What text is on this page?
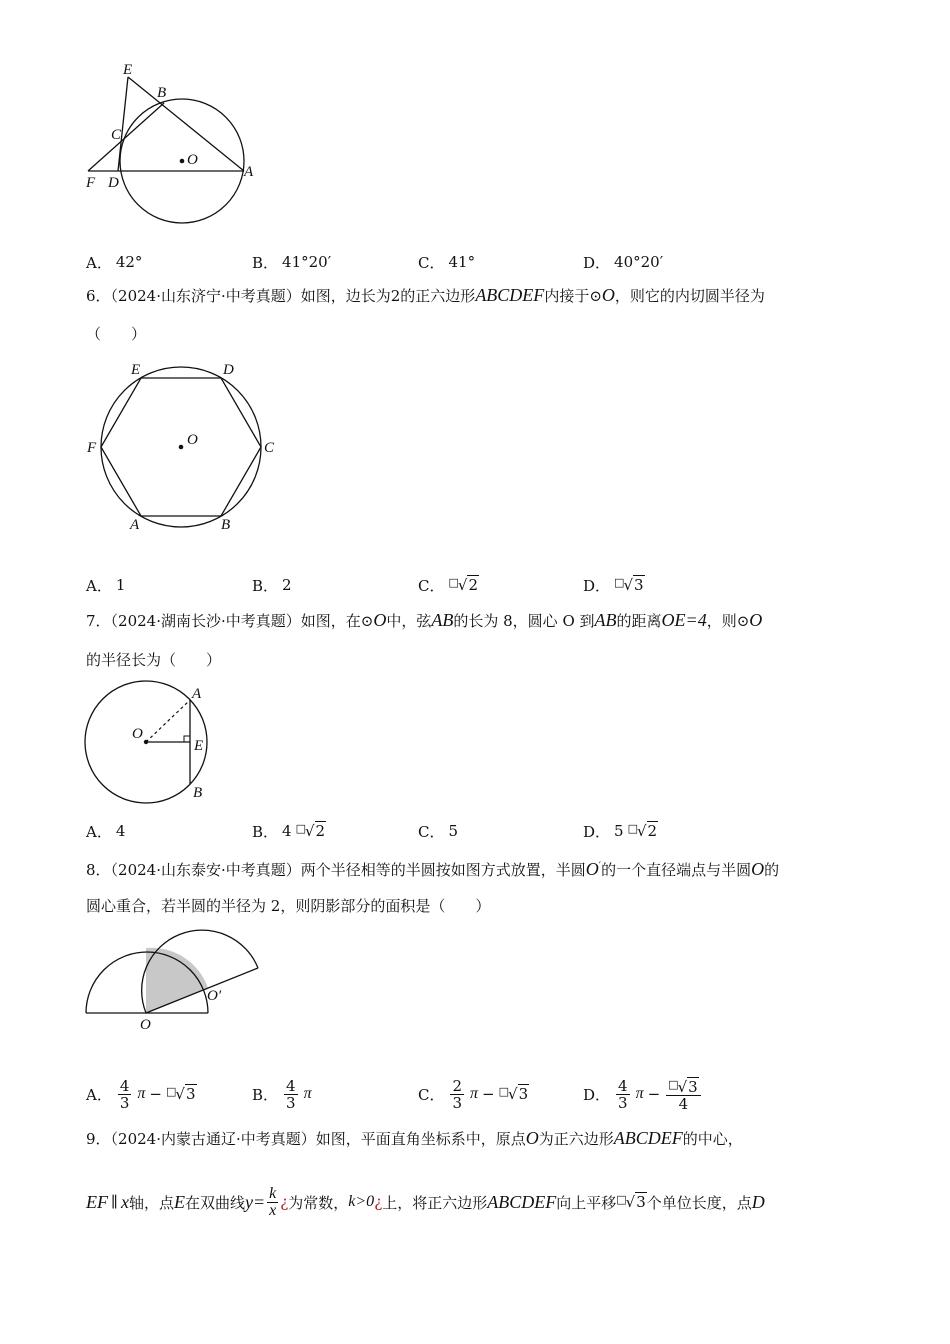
E
B
C
O
F D
A
A． 42°	B． 41°20′	C． 41°	D． 40°20′
6．（2024·山东济宁·中考真题）如图，边长为2的正六边形ABCDEF内接于⊙O，则它的内切圆半径为
（　　）
E	D
F	O	C
A	B
A． 1	B． 2	C． □√2	D． □√3
7．（2024·湖南长沙·中考真题）如图，在⊙O中，弦AB的长为 8，圆心 O 到AB的距离OE=4，则⊙O
的半径长为（　　）
A
O
E
B
A． 4	B． 4 □√2	C． 5	D． 5 □√2
8．（2024·山东泰安·中考真题）两个半径相等的半圆按如图方式放置，半圆O′的一个直径端点与半圆O的
圆心重合，若半圆的半径为 2，则阴影部分的面积是（　　）
O
O′
A． $\frac{4}{3}$ π − □√3	B． $\frac{4}{3}$ π	C． $\frac{2}{3}$ π − □√3	D． $\frac{4}{3}$ $\pi - \frac{^□√3}{4}$
9．（2024·内蒙古通辽·中考真题）如图，平面直角坐标系中，原点O为正六边形ABCDEF的中心，
EF ∥ x 轴，点 E 在双曲线 $y= \frac{k}{x}$ ¿ 为常数， k>0 ¿ 上，将正六边形 ABCDEF 向上平移 □√3 个单位长度，点 D
